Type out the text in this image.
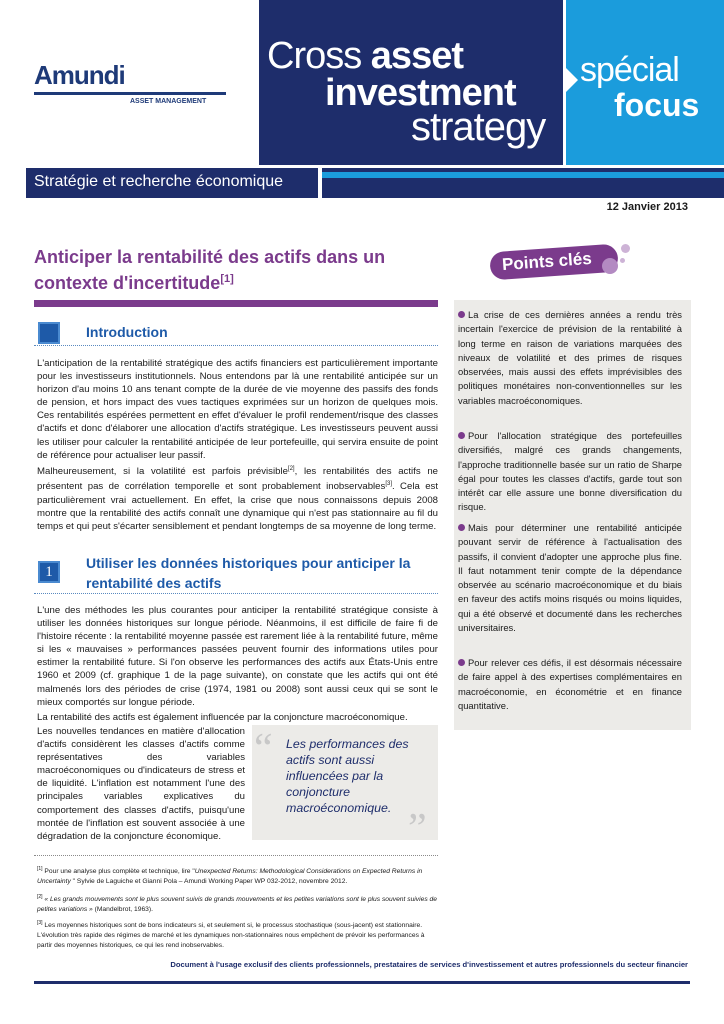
Amundi
ASSET MANAGEMENT
Cross asset
investment
strategy
spécial
focus
Stratégie et recherche économique
12 Janvier 2013
Anticiper la rentabilité des actifs dans un contexte d'incertitude[1]
Points clés
La crise de ces dernières années a rendu très incertain l'exercice de prévision de la rentabilité à long terme en raison de variations marquées des niveaux de volatilité et des primes de risques observées, mais aussi des effets imprévisibles des politiques monétaires non-conventionnelles sur les variables macroéconomiques.
Pour l'allocation stratégique des portefeuilles diversifiés, malgré ces grands changements, l'approche traditionnelle basée sur un ratio de Sharpe égal pour toutes les classes d'actifs, garde tout son intérêt car elle assure une bonne diversification du risque.
Mais pour déterminer une rentabilité anticipée pouvant servir de référence à l'actualisation des passifs, il convient d'adopter une approche plus fine. Il faut notamment tenir compte de la dépendance observée au scénario macroéconomique et du biais en faveur des actifs moins risqués ou moins liquides, qui a été observé et documenté dans les recherches universitaires.
Pour relever ces défis, il est désormais nécessaire de faire appel à des expertises complémentaires en macroéconomie, en économétrie et en finance quantitative.
Introduction
L'anticipation de la rentabilité stratégique des actifs financiers est particulièrement importante pour les investisseurs institutionnels. Nous entendons par là une rentabilité anticipée sur un horizon d'au moins 10 ans tenant compte de la durée de vie moyenne des passifs des fonds de pension, et hors impact des vues tactiques exprimées sur un horizon de quelques mois. Ces rentabilités espérées permettent en effet d'évaluer le profil rendement/risque des classes d'actifs et donc d'élaborer une allocation d'actifs stratégique. Les investisseurs peuvent aussi les utiliser pour calculer la rentabilité anticipée de leur portefeuille, qui servira ensuite de point de référence pour actualiser leur passif.
Malheureusement, si la volatilité est parfois prévisible[2], les rentabilités des actifs ne présentent pas de corrélation temporelle et sont probablement inobservables[3]. Cela est particulièrement vrai actuellement. En effet, la crise que nous connaissons depuis 2008 montre que la rentabilité des actifs connaît une dynamique qui n'est pas stationnaire au fil du temps et qui peut s'écarter sensiblement et pendant longtemps de sa moyenne de long terme.
1
Utiliser les données historiques pour anticiper la rentabilité des actifs
L'une des méthodes les plus courantes pour anticiper la rentabilité stratégique consiste à utiliser les données historiques sur longue période. Néanmoins, il est difficile de faire fi de l'histoire récente : la rentabilité moyenne passée est rarement liée à la rentabilité future, même si les « mauvaises » performances passées peuvent fournir des informations utiles pour estimer la rentabilité future. Si l'on observe les performances des actifs aux États-Unis entre 1960 et 2009 (cf. graphique 1 de la page suivante), on constate que les actifs qui ont été malmenés lors des périodes de crise (1974, 1981 ou 2008) sont aussi ceux qui se sont le mieux comportés sur longue période.
La rentabilité des actifs est également influencée par la conjoncture macroéconomique.
Les nouvelles tendances en matière d'allocation d'actifs considèrent les classes d'actifs comme représentatives des variables macroéconomiques ou d'indicateurs de stress et de liquidité. L'inflation est notamment l'une des principales variables explicatives du comportement des classes d'actifs, puisqu'une montée de l'inflation est souvent associée à une dégradation de la conjoncture économique.
“
”
Les performances des actifs sont aussi influencées par la conjoncture macroéconomique.
[1] Pour une analyse plus complète et technique, lire "Unexpected Returns: Methodological Considerations on Expected Returns in Uncertainty " Sylvie de Laguiche et Gianni Pola – Amundi Working Paper WP 032-2012, novembre 2012.
[2] « Les grands mouvements sont le plus souvent suivis de grands mouvements et les petites variations sont le plus souvent suivies de petites variations » (Mandelbrot, 1963).
[3] Les moyennes historiques sont de bons indicateurs si, et seulement si, le processus stochastique (sous-jacent) est stationnaire. L'évolution très rapide des régimes de marché et les dynamiques non-stationnaires nous empêchent de prévoir les performances à partir des moyennes historiques, ce qui les rend inobservables.
Document à l'usage exclusif des clients professionnels, prestataires de services d'investissement et autres professionnels du secteur financier
